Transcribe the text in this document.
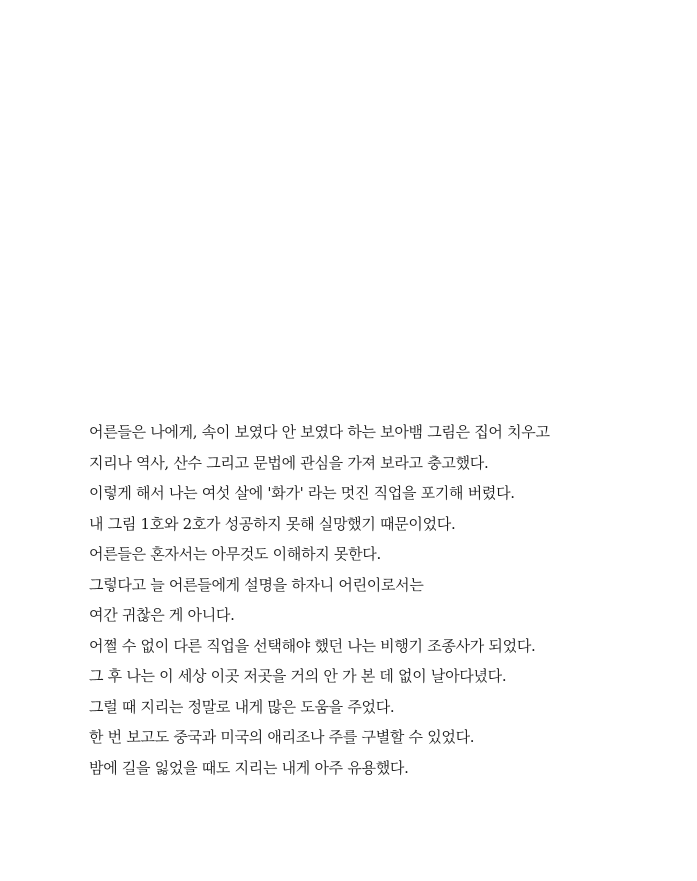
어른들은 나에게, 속이 보였다 안 보였다 하는 보아뱀 그림은 집어 치우고
지리나 역사, 산수 그리고 문법에 관심을 가져 보라고 충고했다.
이렇게 해서 나는 여섯 살에 '화가' 라는 멋진 직업을 포기해 버렸다.
내 그림 1호와 2호가 성공하지 못해 실망했기 때문이었다.
어른들은 혼자서는 아무것도 이해하지 못한다.
그렇다고 늘 어른들에게 설명을 하자니 어린이로서는
여간 귀찮은 게 아니다.
어쩔 수 없이 다른 직업을 선택해야 했던 나는 비행기 조종사가 되었다.
그 후 나는 이 세상 이곳 저곳을 거의 안 가 본 데 없이 날아다녔다.
그럴 때 지리는 정말로 내게 많은 도움을 주었다.
한 번 보고도 중국과 미국의 애리조나 주를 구별할 수 있었다.
밤에 길을 잃었을 때도 지리는 내게 아주 유용했다.
